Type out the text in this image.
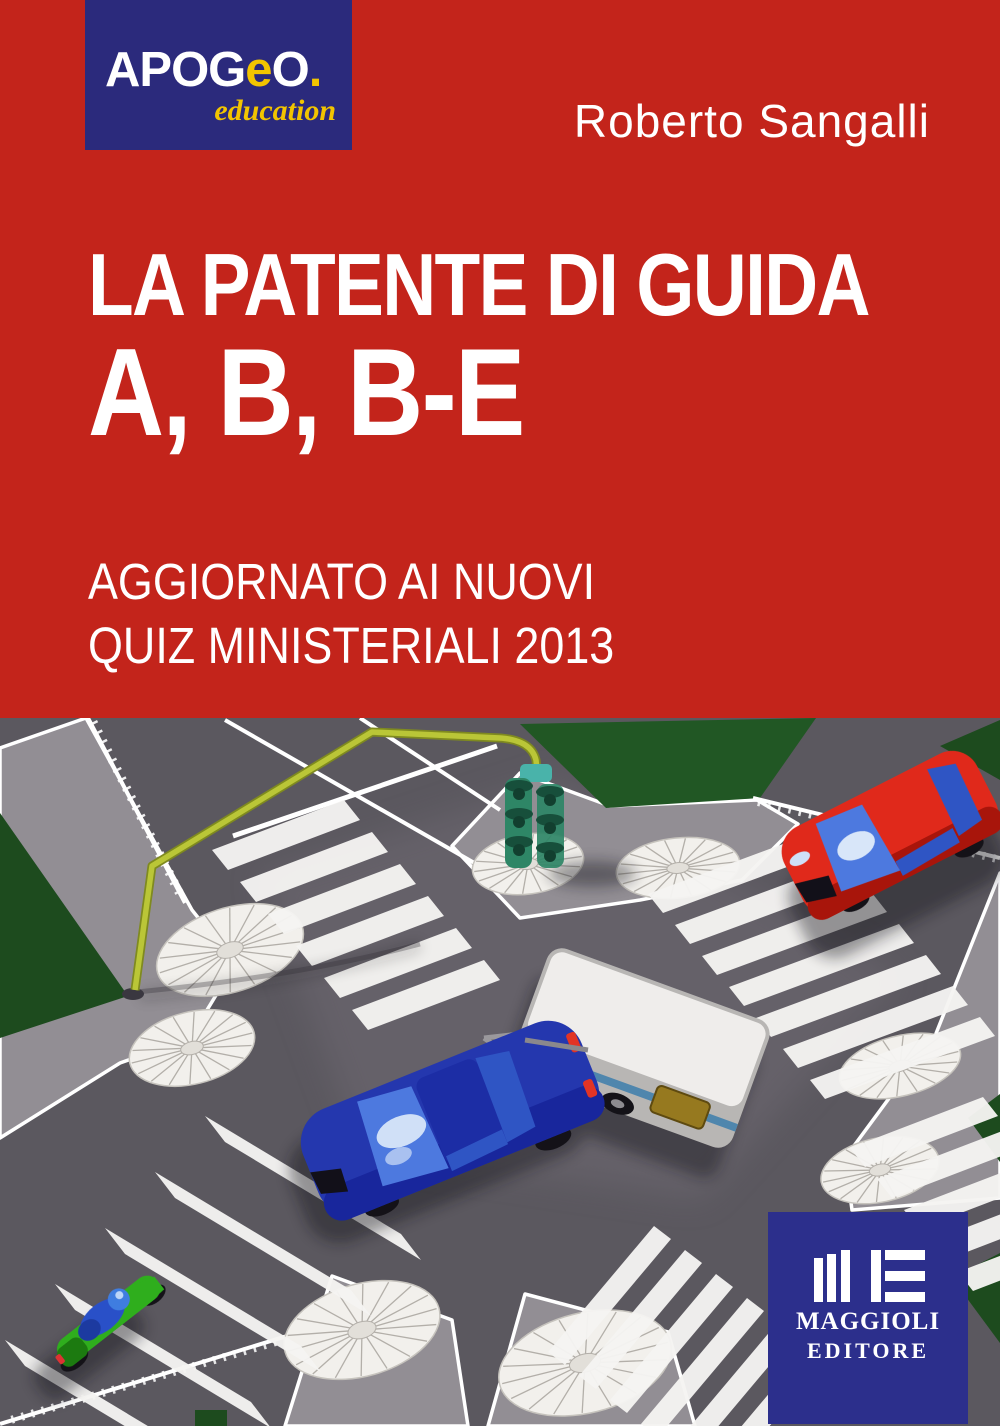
APOGeO.
education	Roberto Sangalli
LA PATENTE DI GUIDA
A, B, B-E
AGGIORNATO AI NUOVI
QUIZ MINISTERIALI 2013
MAGGIOLI
EDITORE
